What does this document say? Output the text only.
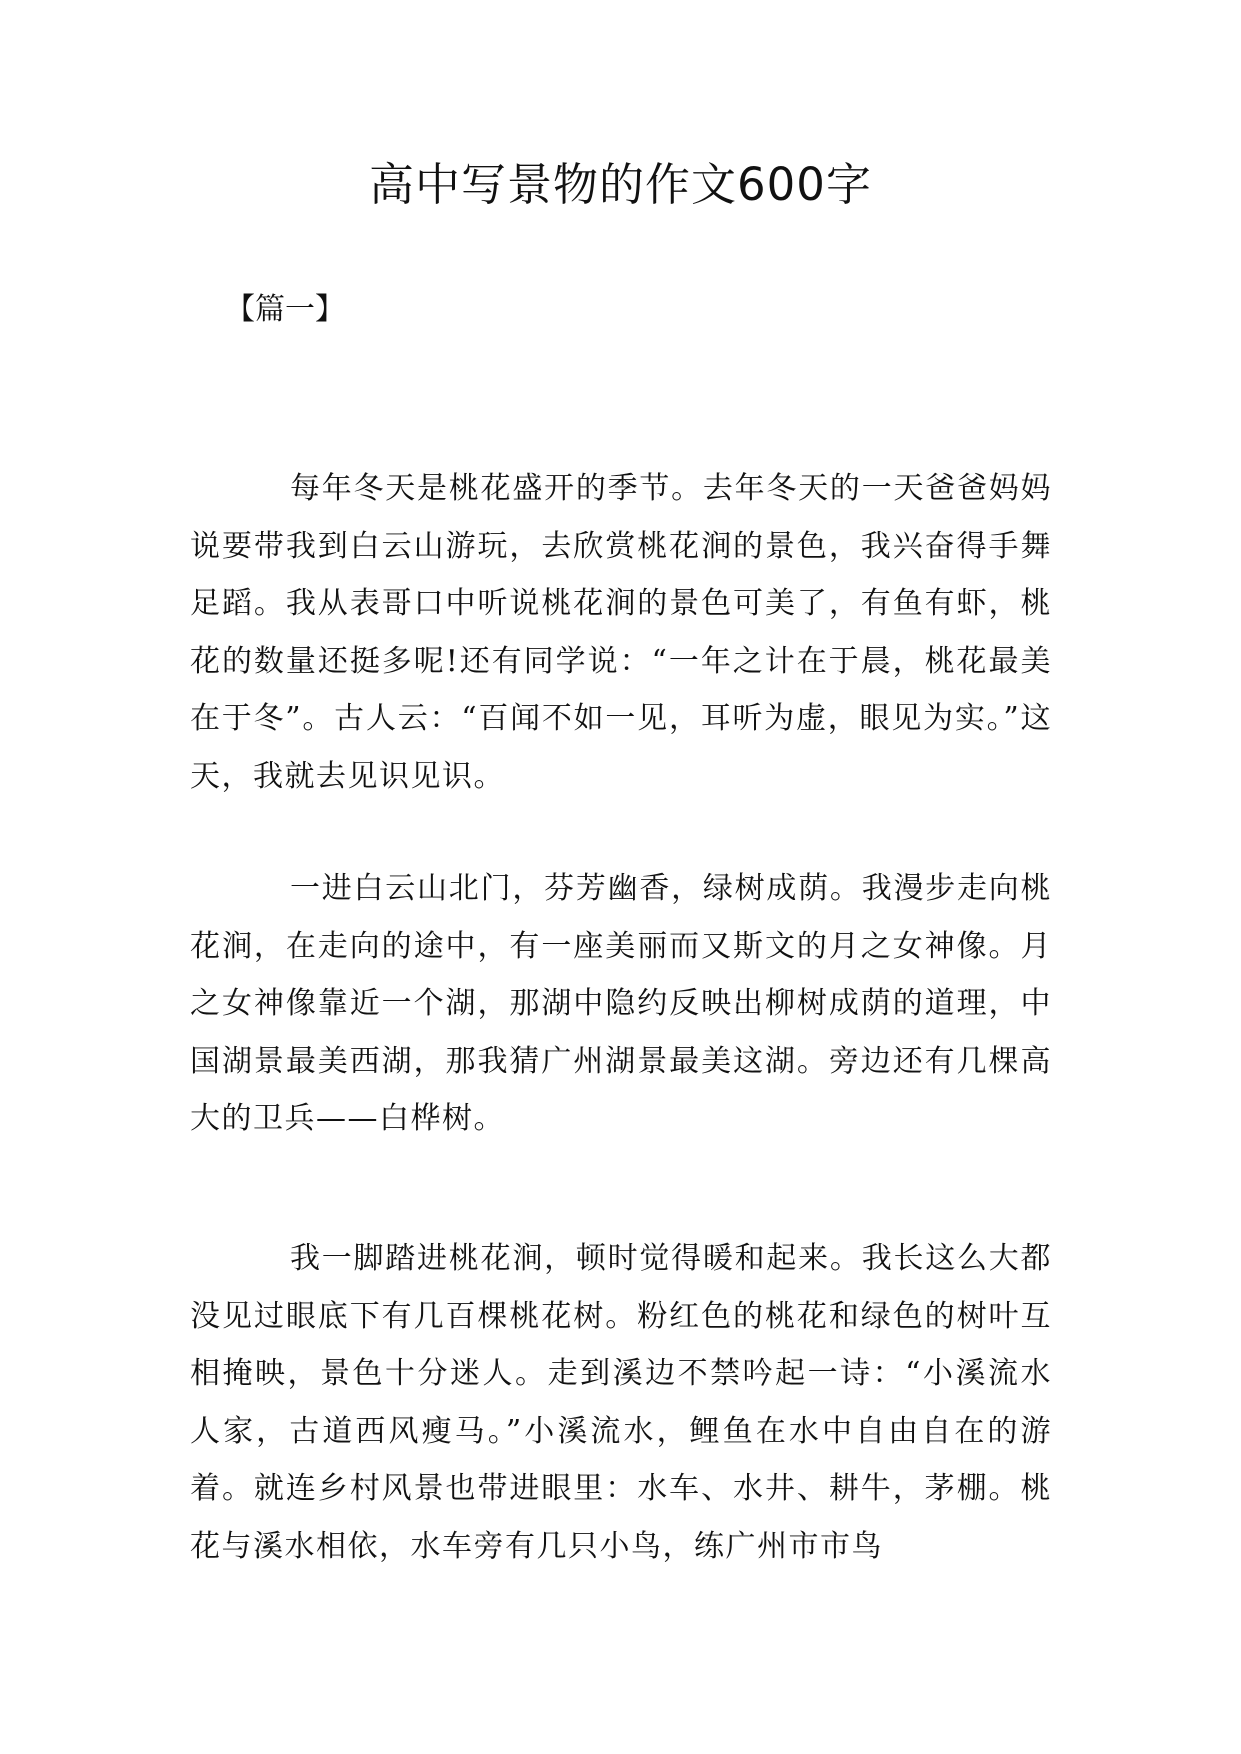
高中写景物的作文600字

【篇一】

每年冬天是桃花盛开的季节。去年冬天的一天爸爸妈妈说要带我到白云山游玩，去欣赏桃花涧的景色，我兴奋得手舞足蹈。我从表哥口中听说桃花涧的景色可美了，有鱼有虾，桃花的数量还挺多呢!还有同学说：“一年之计在于晨，桃花最美在于冬”。古人云：“百闻不如一见，耳听为虚，眼见为实。”这天，我就去见识见识。

一进白云山北门，芬芳幽香，绿树成荫。我漫步走向桃花涧，在走向的途中，有一座美丽而又斯文的月之女神像。月之女神像靠近一个湖，那湖中隐约反映出柳树成荫的道理，中国湖景最美西湖，那我猜广州湖景最美这湖。旁边还有几棵高大的卫兵——白桦树。

我一脚踏进桃花涧，顿时觉得暖和起来。我长这么大都没见过眼底下有几百棵桃花树。粉红色的桃花和绿色的树叶互相掩映，景色十分迷人。走到溪边不禁吟起一诗：“小溪流水人家，古道西风瘦马。”小溪流水，鲤鱼在水中自由自在的游着。就连乡村风景也带进眼里：水车、水井、耕牛，茅棚。桃花与溪水相依，水车旁有几只小鸟，练广州市市鸟
